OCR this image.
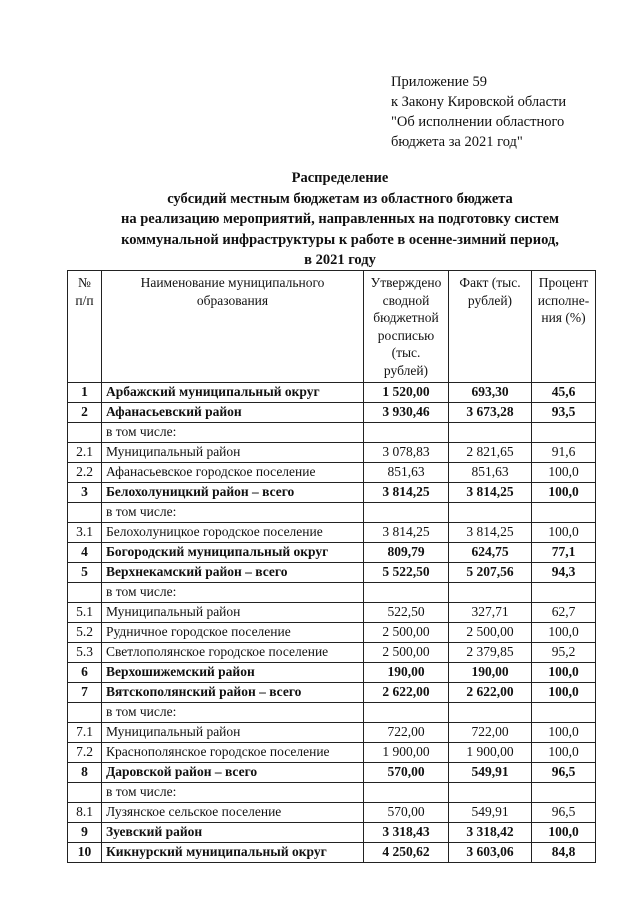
Приложение 59
к Закону Кировской области
"Об исполнении областного
бюджета за 2021 год"
Распределение
субсидий местным бюджетам из областного бюджета
на реализацию мероприятий, направленных на подготовку систем
коммунальной инфраструктуры к работе в осенне-зимний период,
в 2021 году
№ п/п	Наименование муниципального образования	Утверждено сводной бюджетной росписью (тыс. рублей)	Факт (тыс. рублей)	Процент исполне-ния (%)
1	Арбажский муниципальный округ	1 520,00	693,30	45,6
2	Афанасьевский район	3 930,46	3 673,28	93,5
	в том числе:			
2.1	Муниципальный район	3 078,83	2 821,65	91,6
2.2	Афанасьевское городское поселение	851,63	851,63	100,0
3	Белохолуницкий район – всего	3 814,25	3 814,25	100,0
	в том числе:			
3.1	Белохолуницкое городское поселение	3 814,25	3 814,25	100,0
4	Богородский муниципальный округ	809,79	624,75	77,1
5	Верхнекамский район – всего	5 522,50	5 207,56	94,3
	в том числе:			
5.1	Муниципальный район	522,50	327,71	62,7
5.2	Рудничное городское поселение	2 500,00	2 500,00	100,0
5.3	Светлополянское городское поселение	2 500,00	2 379,85	95,2
6	Верхошижемский район	190,00	190,00	100,0
7	Вятскополянский район – всего	2 622,00	2 622,00	100,0
	в том числе:			
7.1	Муниципальный район	722,00	722,00	100,0
7.2	Краснополянское городское поселение	1 900,00	1 900,00	100,0
8	Даровской район – всего	570,00	549,91	96,5
	в том числе:			
8.1	Лузянское сельское поселение	570,00	549,91	96,5
9	Зуевский район	3 318,43	3 318,42	100,0
10	Кикнурский муниципальный округ	4 250,62	3 603,06	84,8
